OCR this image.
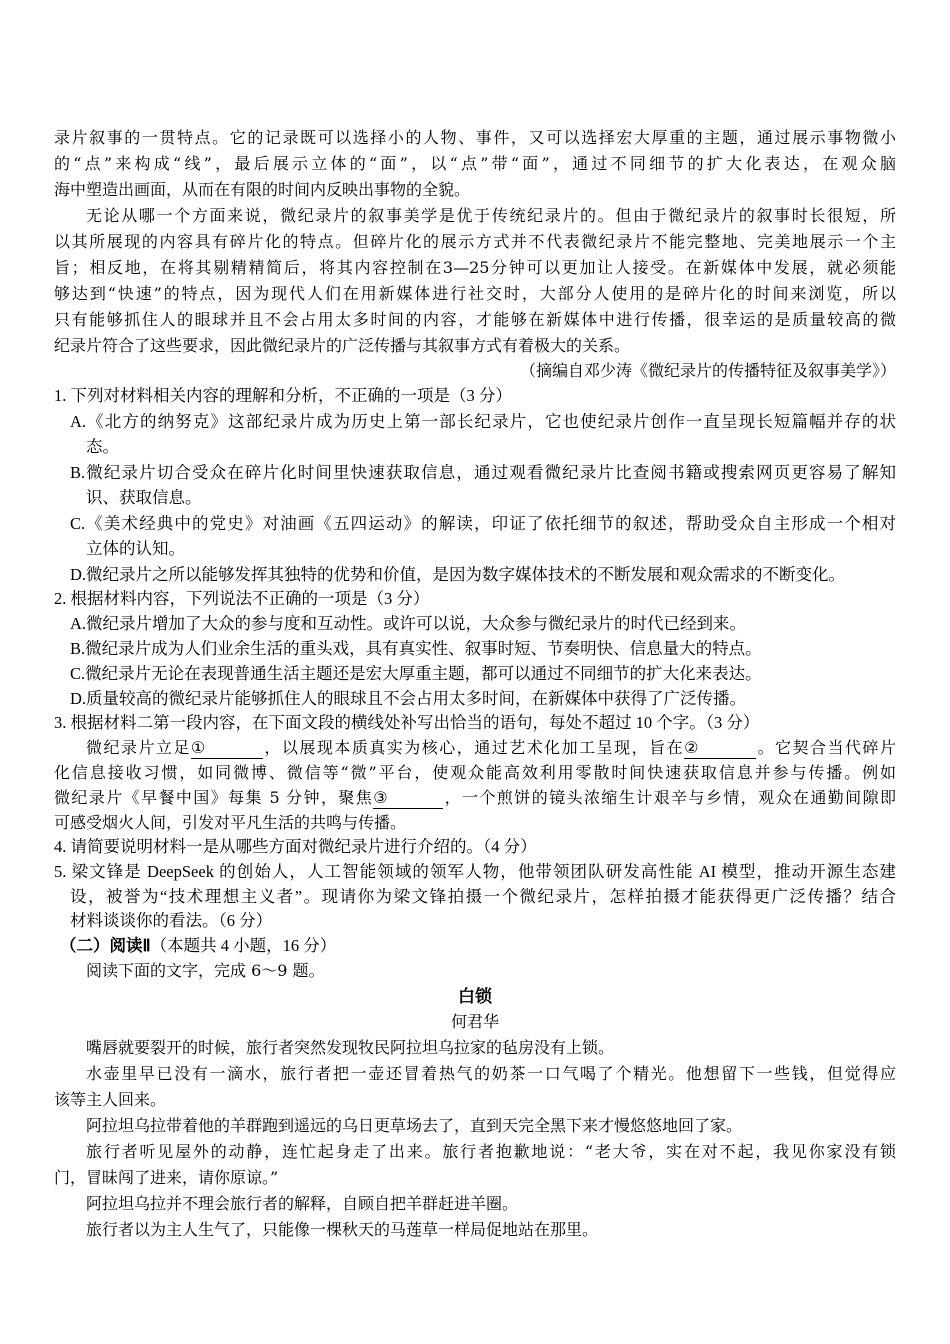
录片叙事的一贯特点。它的记录既可以选择小的人物、事件，又可以选择宏大厚重的主题，通过展示事物微小
的“点”来构成“线”，最后展示立体的“面”，以“点”带“面”，通过不同细节的扩大化表达，在观众脑
海中塑造出画面，从而在有限的时间内反映出事物的全貌。
无论从哪一个方面来说，微纪录片的叙事美学是优于传统纪录片的。但由于微纪录片的叙事时长很短，所
以其所展现的内容具有碎片化的特点。但碎片化的展示方式并不代表微纪录片不能完整地、完美地展示一个主
旨；相反地，在将其剔精精简后，将其内容控制在3—25分钟可以更加让人接受。在新媒体中发展，就必须能
够达到“快速”的特点，因为现代人们在用新媒体进行社交时，大部分人使用的是碎片化的时间来浏览，所以
只有能够抓住人的眼球并且不会占用太多时间的内容，才能够在新媒体中进行传播，很幸运的是质量较高的微
纪录片符合了这些要求，因此微纪录片的广泛传播与其叙事方式有着极大的关系。
（摘编自邓少涛《微纪录片的传播特征及叙事美学》）
1. 下列对材料相关内容的理解和分析，不正确的一项是（3 分）
A.《北方的纳努克》这部纪录片成为历史上第一部长纪录片，它也使纪录片创作一直呈现长短篇幅并存的状
态。
B.微纪录片切合受众在碎片化时间里快速获取信息，通过观看微纪录片比查阅书籍或搜索网页更容易了解知
识、获取信息。
C.《美术经典中的党史》对油画《五四运动》的解读，印证了依托细节的叙述，帮助受众自主形成一个相对
立体的认知。
D.微纪录片之所以能够发挥其独特的优势和价值，是因为数字媒体技术的不断发展和观众需求的不断变化。
2. 根据材料内容，下列说法不正确的一项是（3 分）
A.微纪录片增加了大众的参与度和互动性。或许可以说，大众参与微纪录片的时代已经到来。
B.微纪录片成为人们业余生活的重头戏，具有真实性、叙事时短、节奏明快、信息量大的特点。
C.微纪录片无论在表现普通生活主题还是宏大厚重主题，都可以通过不同细节的扩大化来表达。
D.质量较高的微纪录片能够抓住人的眼球且不会占用太多时间，在新媒体中获得了广泛传播。
3. 根据材料二第一段内容，在下面文段的横线处补写出恰当的语句，每处不超过 10 个字。（3 分）
微纪录片立足①	，以展现本质真实为核心，通过艺术化加工呈现，旨在②	。它契合当代碎片
化信息接收习惯，如同微博、微信等“微”平台，使观众能高效利用零散时间快速获取信息并参与传播。例如
微纪录片《早餐中国》每集 5 分钟，聚焦③	，一个煎饼的镜头浓缩生计艰辛与乡情，观众在通勤间隙即
可感受烟火人间，引发对平凡生活的共鸣与传播。
4. 请简要说明材料一是从哪些方面对微纪录片进行介绍的。（4 分）
5. 梁文锋是 DeepSeek 的创始人，人工智能领域的领军人物，他带领团队研发高性能 AI 模型，推动开源生态建
设，被誉为“技术理想主义者”。现请你为梁文锋拍摄一个微纪录片，怎样拍摄才能获得更广泛传播？结合
材料谈谈你的看法。（6 分）
（二）阅读Ⅱ（本题共 4 小题，16 分）
阅读下面的文字，完成 6～9 题。
白锁
何君华
嘴唇就要裂开的时候，旅行者突然发现牧民阿拉坦乌拉家的毡房没有上锁。
水壶里早已没有一滴水，旅行者把一壶还冒着热气的奶茶一口气喝了个精光。他想留下一些钱，但觉得应
该等主人回来。
阿拉坦乌拉带着他的羊群跑到遥远的乌日更草场去了，直到天完全黑下来才慢悠悠地回了家。
旅行者听见屋外的动静，连忙起身走了出来。旅行者抱歉地说：“老大爷，实在对不起，我见你家没有锁
门，冒昧闯了进来，请你原谅。”
阿拉坦乌拉并不理会旅行者的解释，自顾自把羊群赶进羊圈。
旅行者以为主人生气了，只能像一棵秋天的马莲草一样局促地站在那里。
